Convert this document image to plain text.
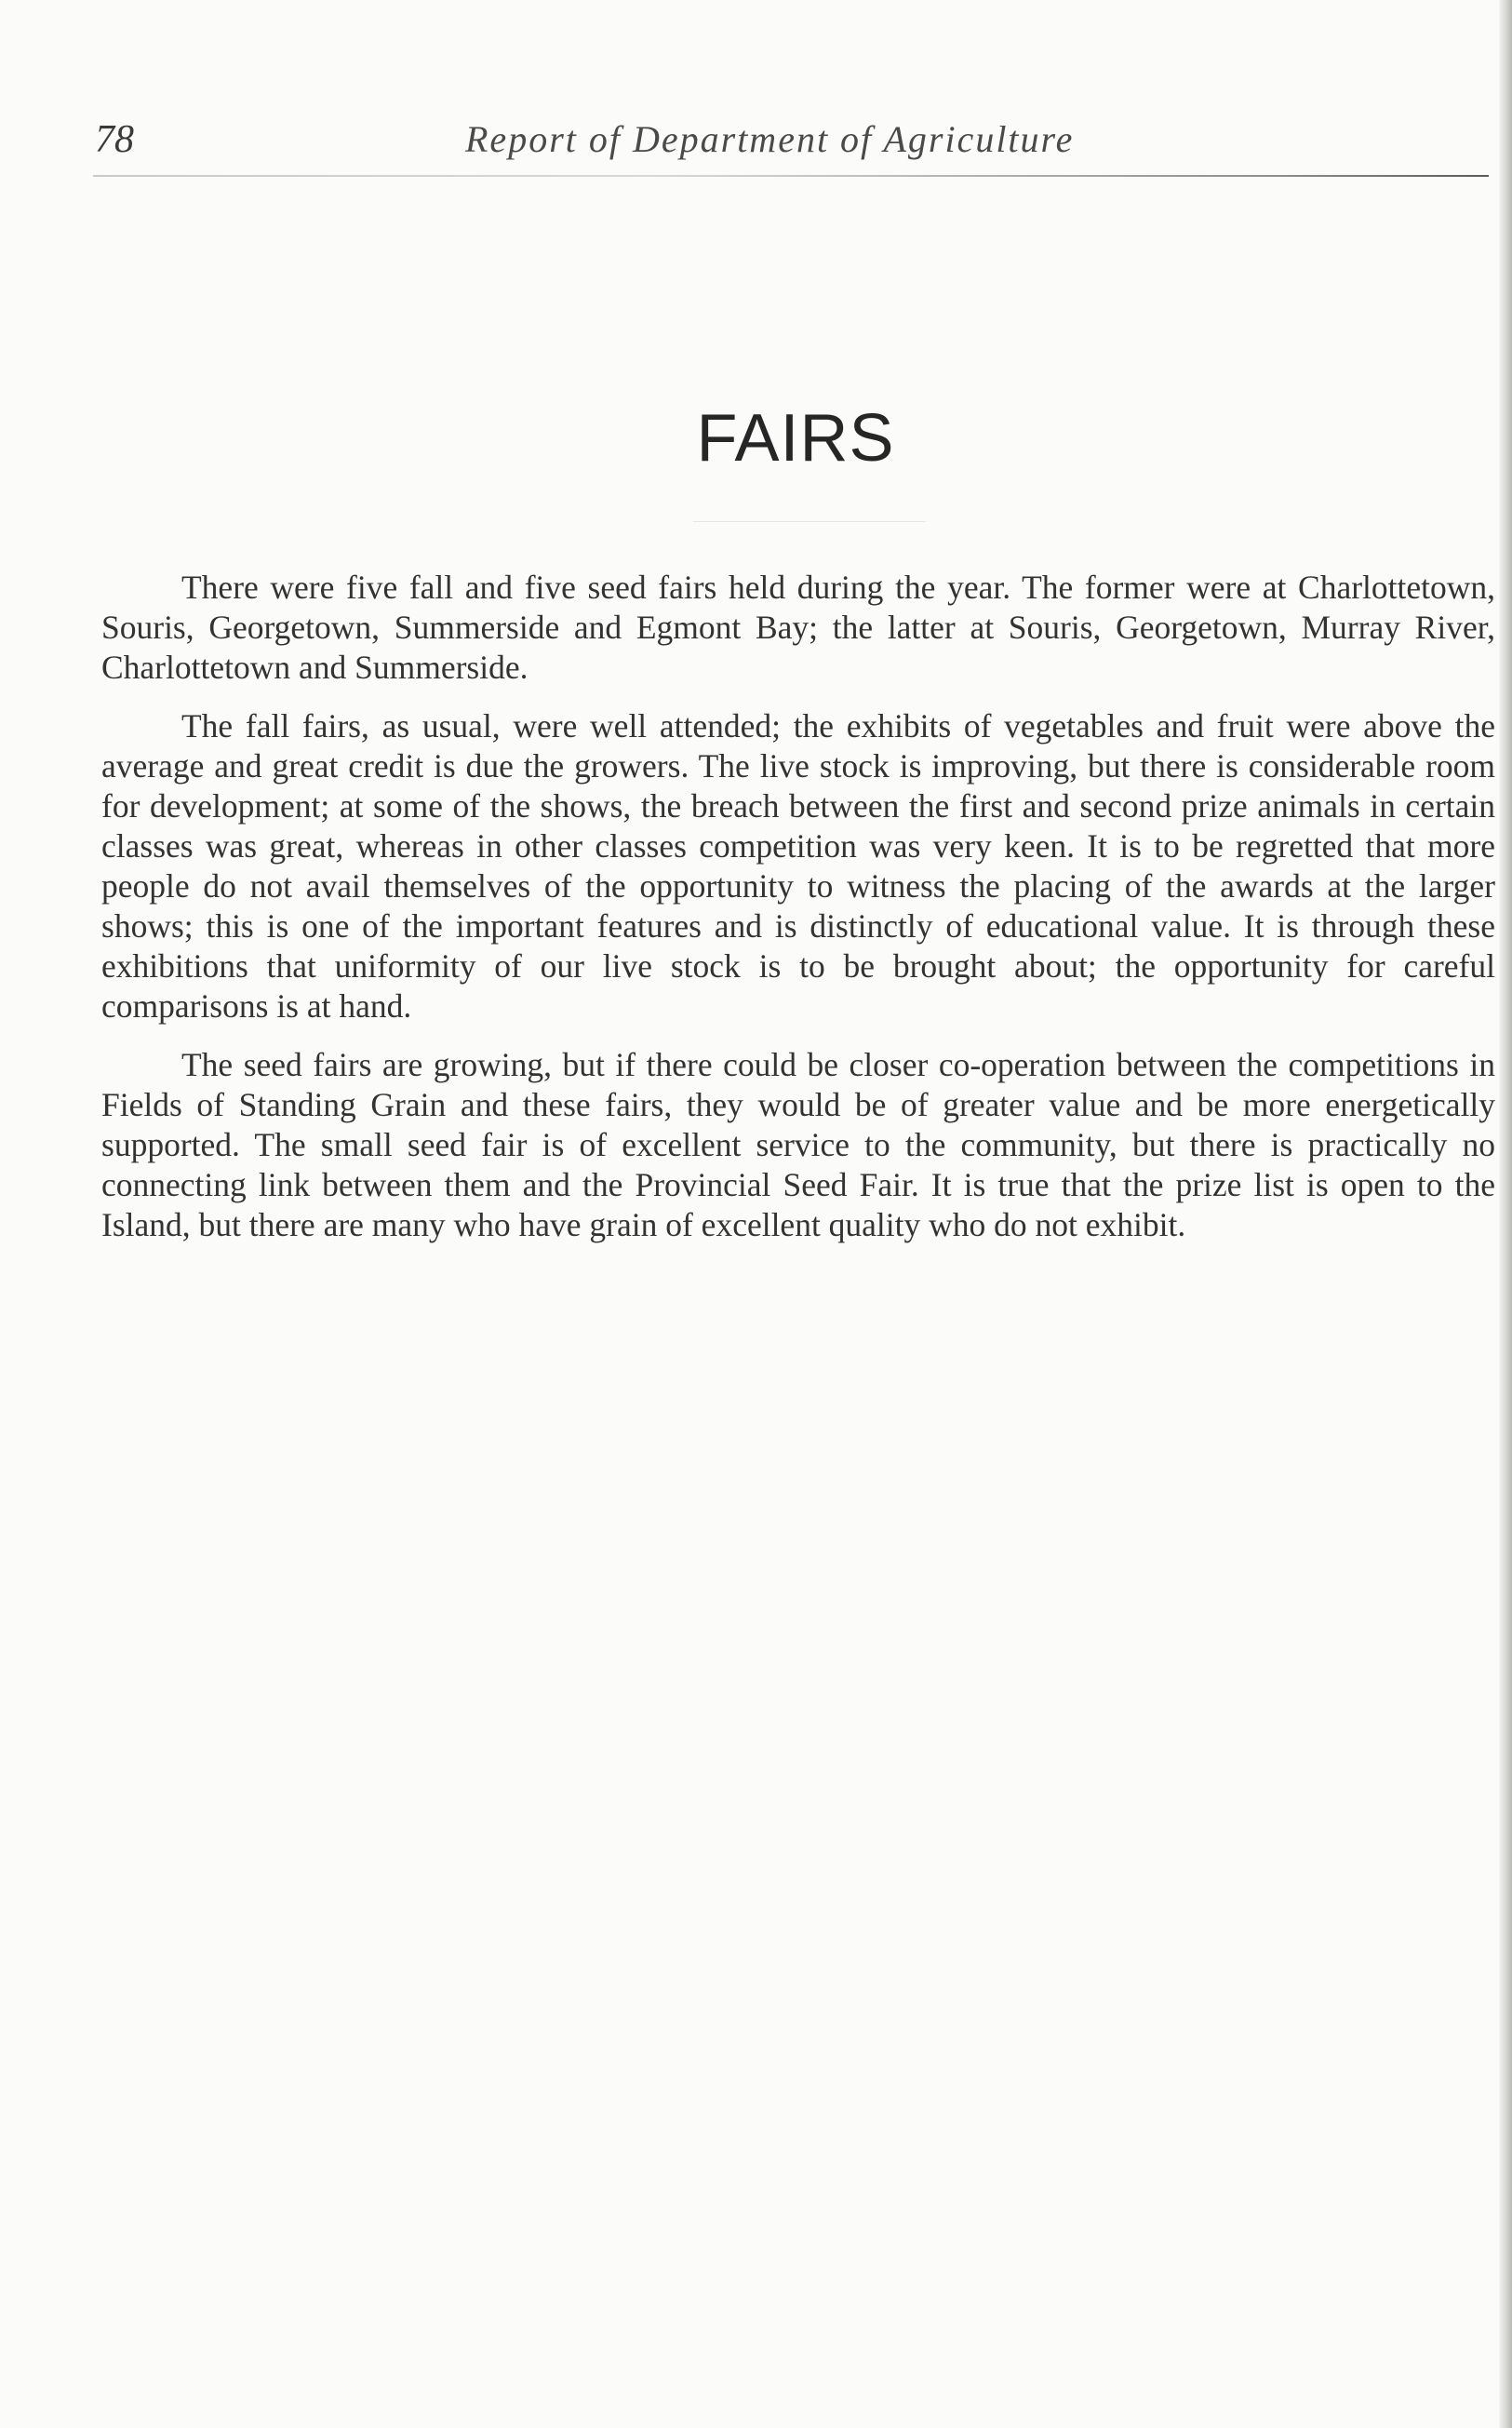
78	Report of Department of Agriculture
FAIRS

There were five fall and five seed fairs held during the year. The former were at Charlottetown, Souris, Georgetown, Summerside and Egmont Bay; the latter at Souris, Georgetown, Murray River, Charlottetown and Summerside.

The fall fairs, as usual, were well attended; the exhibits of vegetables and fruit were above the average and great credit is due the growers. The live stock is improving, but there is considerable room for development; at some of the shows, the breach between the first and second prize animals in certain classes was great, whereas in other classes competition was very keen. It is to be regretted that more people do not avail themselves of the opportunity to witness the placing of the awards at the larger shows; this is one of the important features and is distinctly of educational value. It is through these exhibitions that uniformity of our live stock is to be brought about; the opportunity for careful comparisons is at hand.

The seed fairs are growing, but if there could be closer co-operation between the competitions in Fields of Standing Grain and these fairs, they would be of greater value and be more energetically supported. The small seed fair is of excellent service to the community, but there is practically no connecting link between them and the Provincial Seed Fair. It is true that the prize list is open to the Island, but there are many who have grain of excellent quality who do not exhibit.
